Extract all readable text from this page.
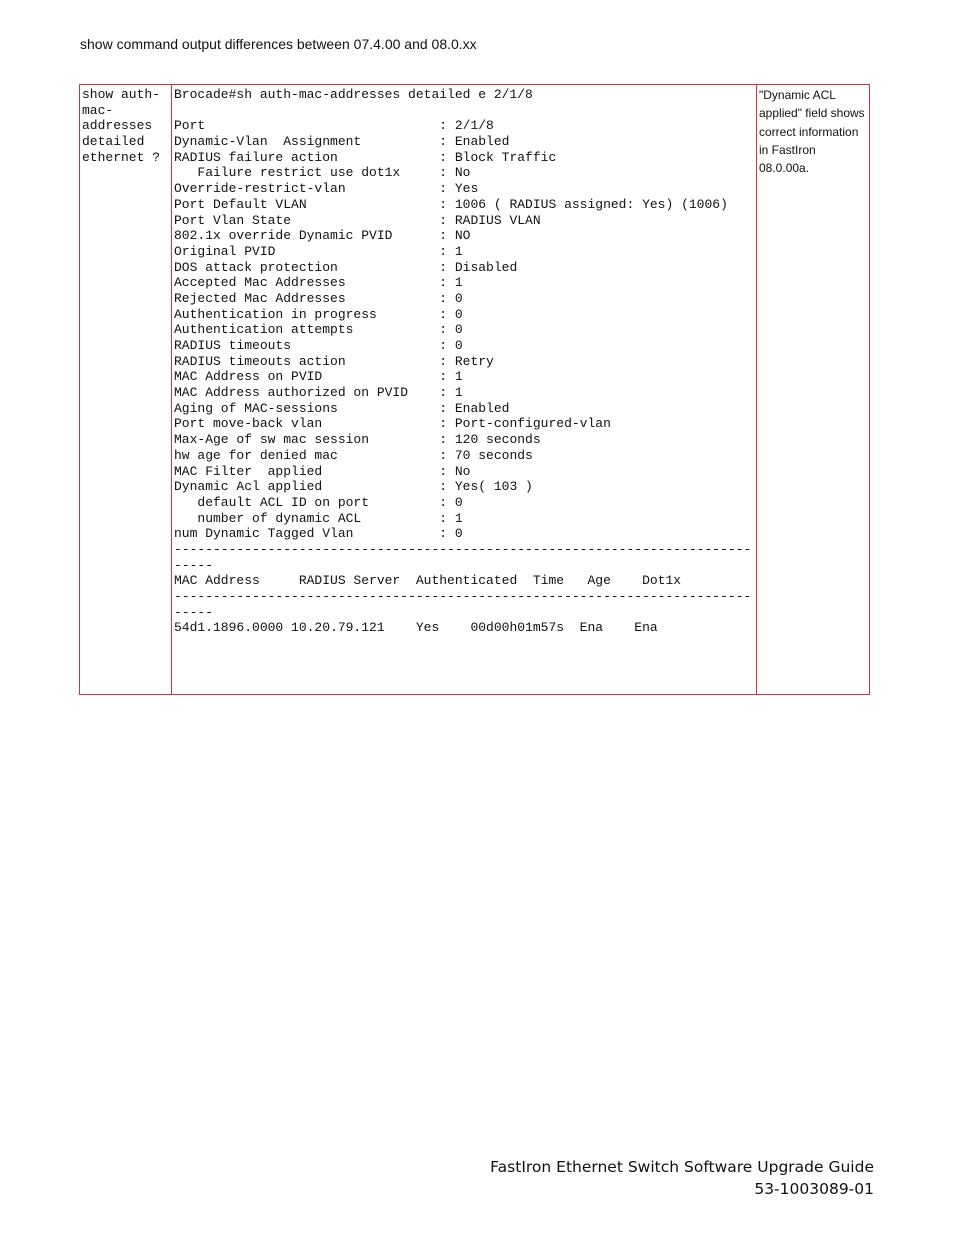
show command output differences between 07.4.00 and 08.0.xx
show auth-
mac-
addresses
detailed
ethernet ?

Brocade#sh auth-mac-addresses detailed e 2/1/8
Port                              : 2/1/8
Dynamic-Vlan  Assignment          : Enabled
RADIUS failure action             : Block Traffic
Failure restrict use dot1x     : No
Override-restrict-vlan            : Yes
Port Default VLAN                 : 1006 ( RADIUS assigned: Yes) (1006)
Port Vlan State                   : RADIUS VLAN
802.1x override Dynamic PVID      : NO
Original PVID                     : 1
DOS attack protection             : Disabled
Accepted Mac Addresses            : 1
Rejected Mac Addresses            : 0
Authentication in progress        : 0
Authentication attempts           : 0
RADIUS timeouts                   : 0
RADIUS timeouts action            : Retry
MAC Address on PVID               : 1
MAC Address authorized on PVID    : 1
Aging of MAC-sessions             : Enabled
Port move-back vlan               : Port-configured-vlan
Max-Age of sw mac session         : 120 seconds
hw age for denied mac             : 70 seconds
MAC Filter  applied               : No
Dynamic Acl applied               : Yes( 103 )
default ACL ID on port         : 0
number of dynamic ACL          : 1
num Dynamic Tagged Vlan           : 0
--------------------------------------------------------------------------
-----
MAC Address     RADIUS Server  Authenticated  Time   Age    Dot1x
--------------------------------------------------------------------------
-----
54d1.1896.0000 10.20.79.121    Yes    00d00h01m57s  Ena    Ena

"Dynamic ACL applied" field shows correct information in FastIron 08.0.00a.
FastIron Ethernet Switch Software Upgrade Guide
53-1003089-01
